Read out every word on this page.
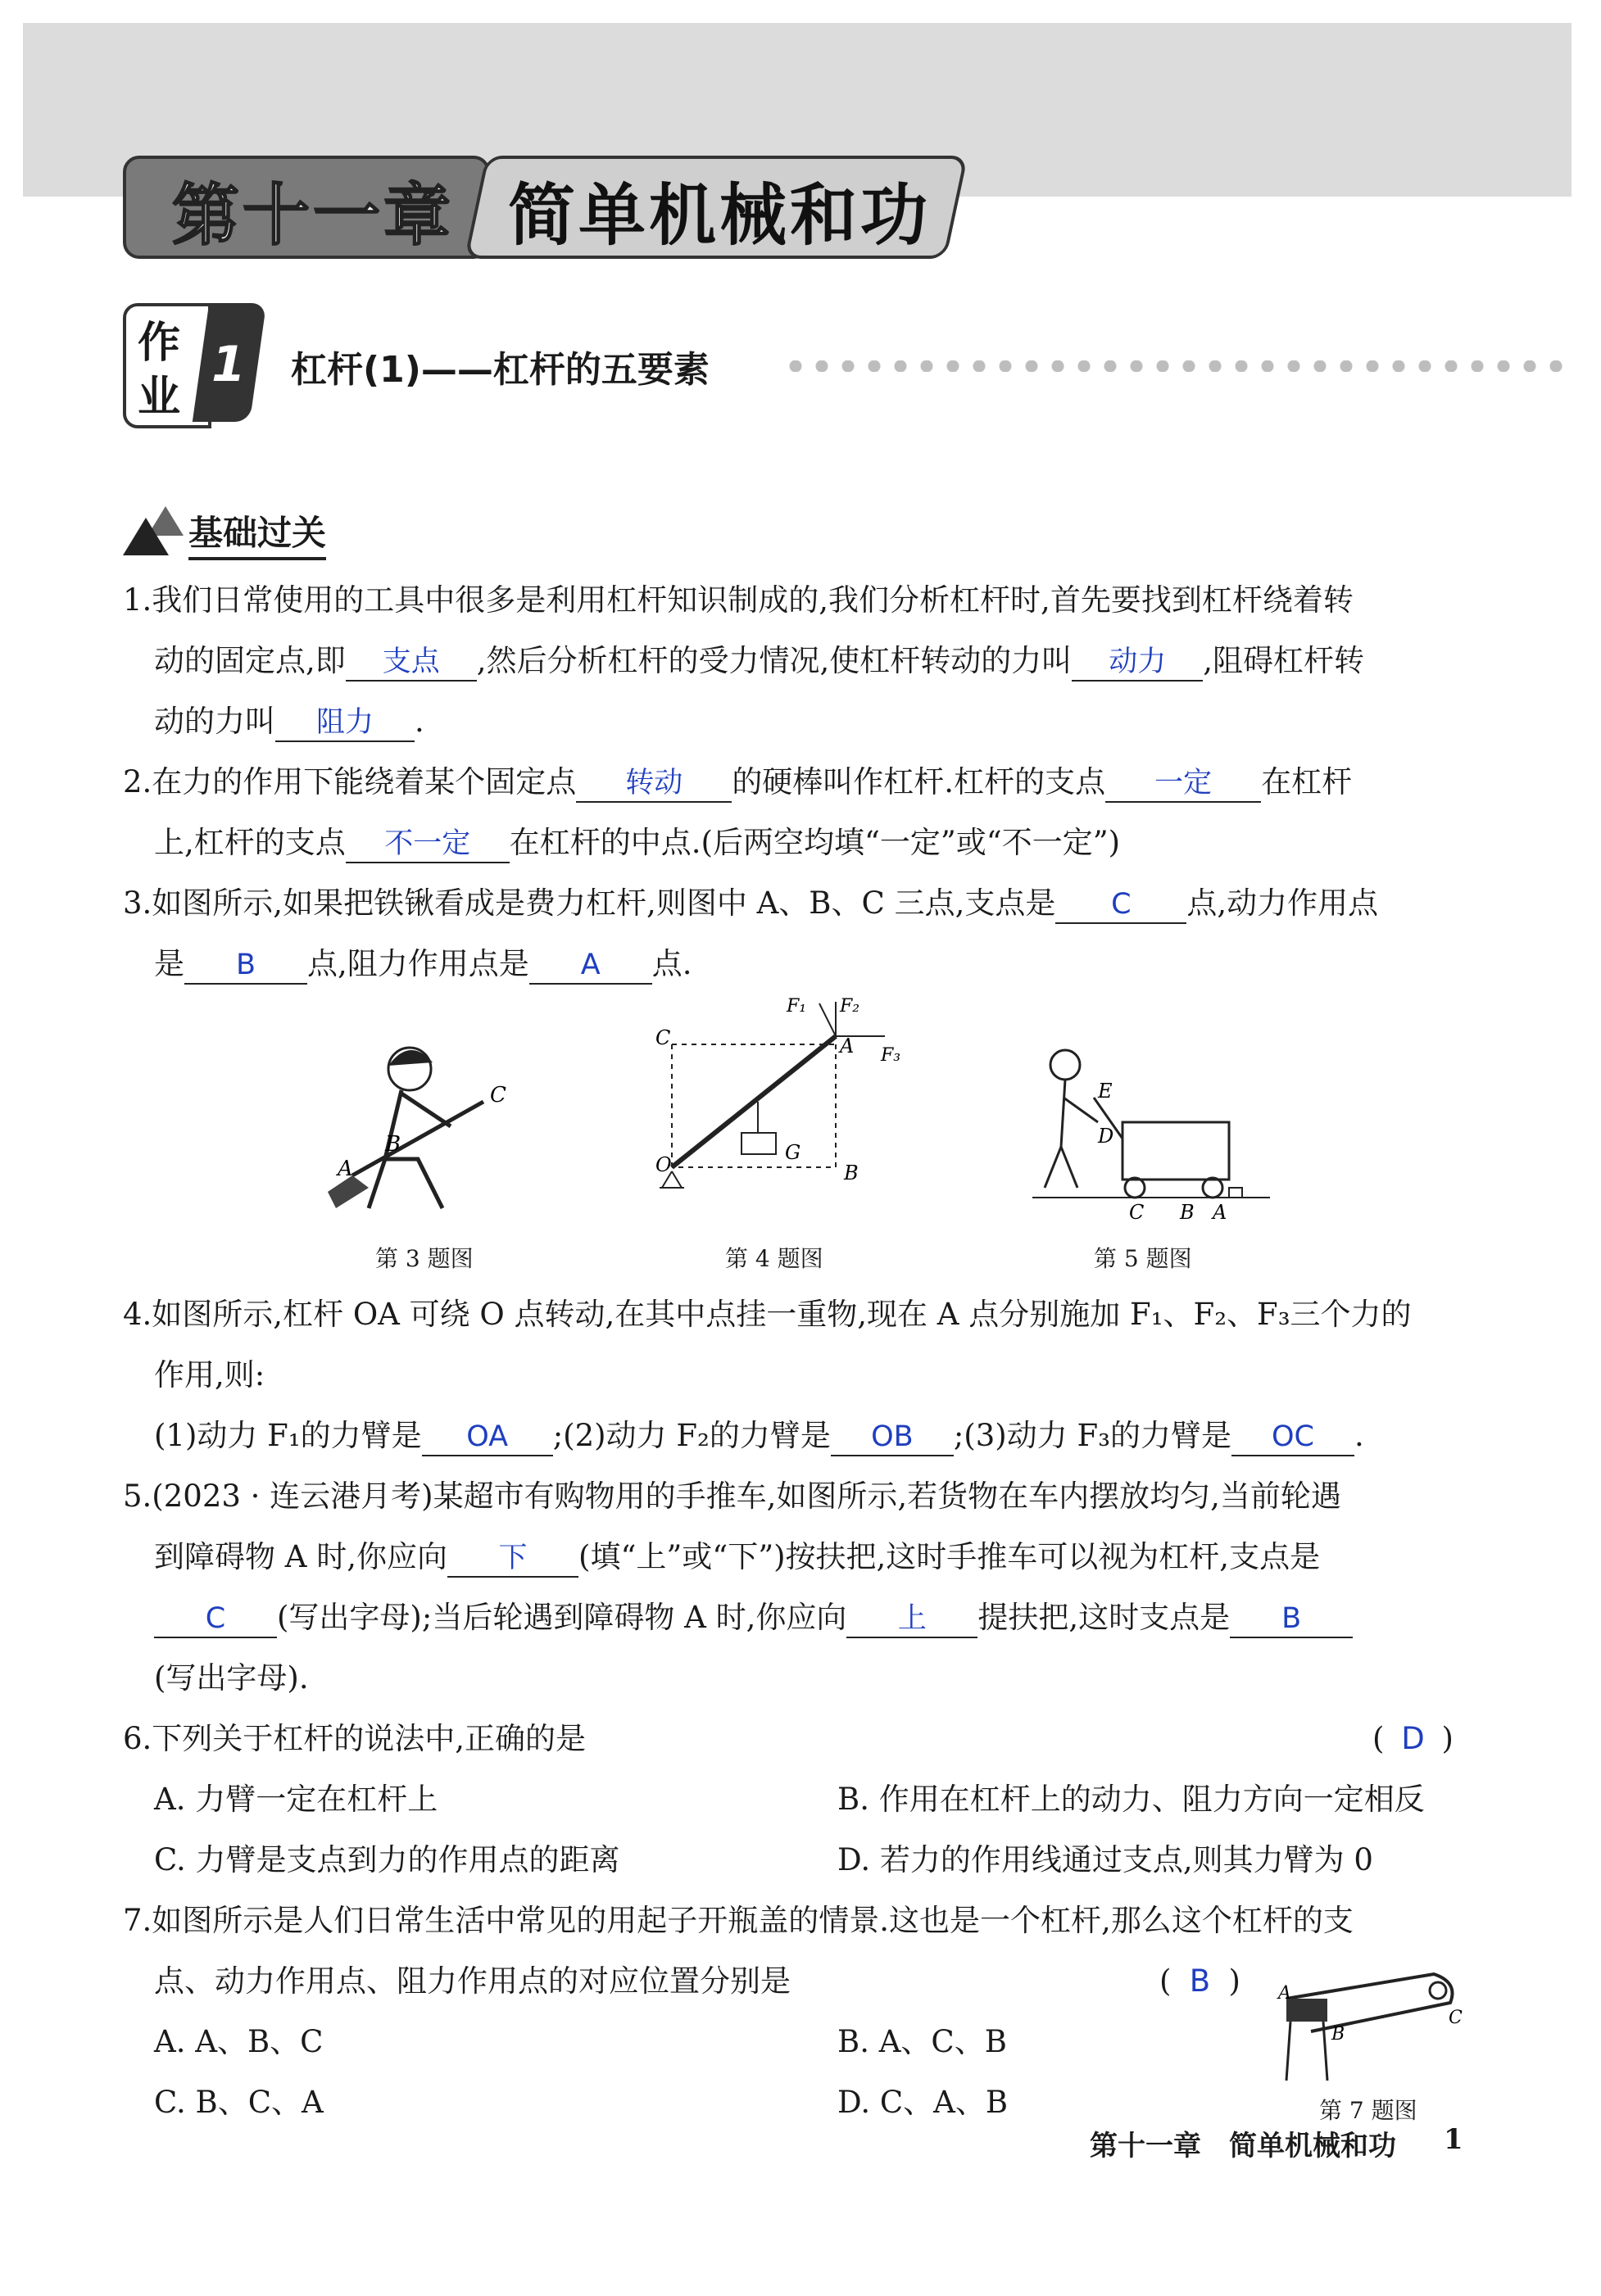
第十一章 简单机械和功
作
业
1 杠杆(1)——杠杆的五要素
基础过关
1.我们日常使用的工具中很多是利用杠杆知识制成的,我们分析杠杆时,首先要找到杠杆绕着转
动的固定点,即 支点 ,然后分析杠杆的受力情况,使杠杆转动的力叫 动力 ,阻碍杠杆转
动的力叫 阻力 .
2.在力的作用下能绕着某个固定点 转动 的硬棒叫作杠杆.杠杆的支点 一定 在杠杆
上,杠杆的支点 不一定 在杠杆的中点.(后两空均填“一定”或“不一定”)
3.如图所示,如果把铁锹看成是费力杠杆,则图中 A、B、C 三点,支点是 C 点,动力作用点
是 B 点,阻力作用点是 A 点.
C
B
A
第 3 题图
O
A
B
C
G
F₁ F₂
F₃
第 4 题图
E
D
C B A
第 5 题图
4.如图所示,杠杆 OA 可绕 O 点转动,在其中点挂一重物,现在 A 点分别施加 F₁、F₂、F₃三个力的
作用,则:
(1)动力 F₁的力臂是 OA ;(2)动力 F₂的力臂是 OB ;(3)动力 F₃的力臂是 OC .
5.(2023 · 连云港月考)某超市有购物用的手推车,如图所示,若货物在车内摆放均匀,当前轮遇
到障碍物 A 时,你应向 下 (填“上”或“下”)按扶把,这时手推车可以视为杠杆,支点是
C (写出字母);当后轮遇到障碍物 A 时,你应向 上 提扶把,这时支点是 B
(写出字母).
6.下列关于杠杆的说法中,正确的是	( D )
A. 力臂一定在杠杆上	B. 作用在杠杆上的动力、阻力方向一定相反
C. 力臂是支点到力的作用点的距离	D. 若力的作用线通过支点,则其力臂为 0
7.如图所示是人们日常生活中常见的用起子开瓶盖的情景.这也是一个杠杆,那么这个杠杆的支
点、动力作用点、阻力作用点的对应位置分别是	( B )
A. A、B、C	B. A、C、B
C. B、C、A	D. C、A、B
A
B
C
第 7 题图
第十一章　简单机械和功 1
